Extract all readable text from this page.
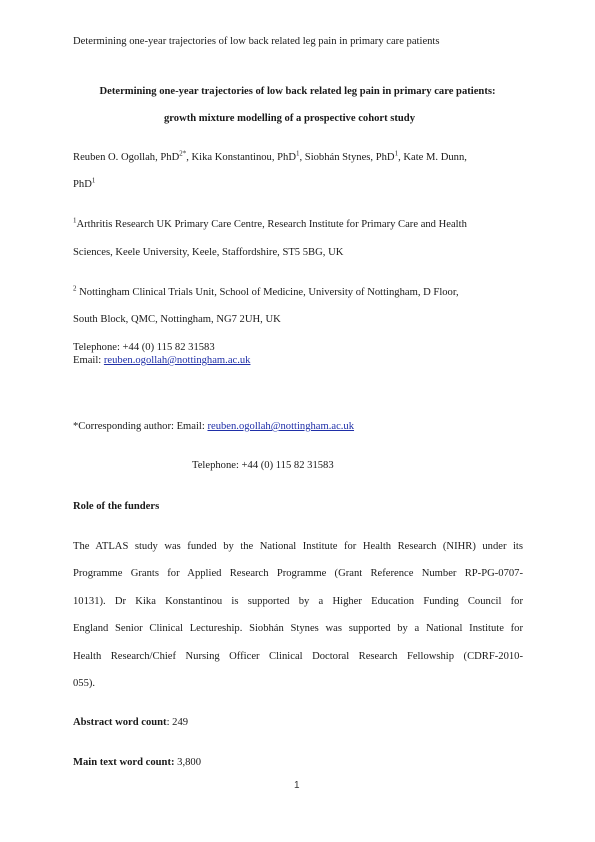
Determining one-year trajectories of low back related leg pain in primary care patients
Determining one-year trajectories of low back related leg pain in primary care patients:
growth mixture modelling of a prospective cohort study
Reuben O. Ogollah, PhD$^{2*}$, Kika Konstantinou, PhD$^1$, Siobhán Stynes, PhD$^1$, Kate M. Dunn,
PhD$^1$
$^1$Arthritis Research UK Primary Care Centre, Research Institute for Primary Care and Health
Sciences, Keele University, Keele, Staffordshire, ST5 5BG, UK
$^2$ Nottingham Clinical Trials Unit, School of Medicine, University of Nottingham, D Floor,
South Block, QMC, Nottingham, NG7 2UH, UK
Telephone: +44 (0) 115 82 31583
Email: reuben.ogollah@nottingham.ac.uk
*Corresponding author: Email: reuben.ogollah@nottingham.ac.uk
Telephone: +44 (0) 115 82 31583
Role of the funders
The ATLAS study was funded by the National Institute for Health Research (NIHR) under its
Programme Grants for Applied Research Programme (Grant Reference Number RP-PG-0707-
10131). Dr Kika Konstantinou is supported by a Higher Education Funding Council for
England Senior Clinical Lectureship. Siobhán Stynes was supported by a National Institute for
Health Research/Chief Nursing Officer Clinical Doctoral Research Fellowship (CDRF-2010-
055).
Abstract word count: 249
Main text word count: 3,800
1
